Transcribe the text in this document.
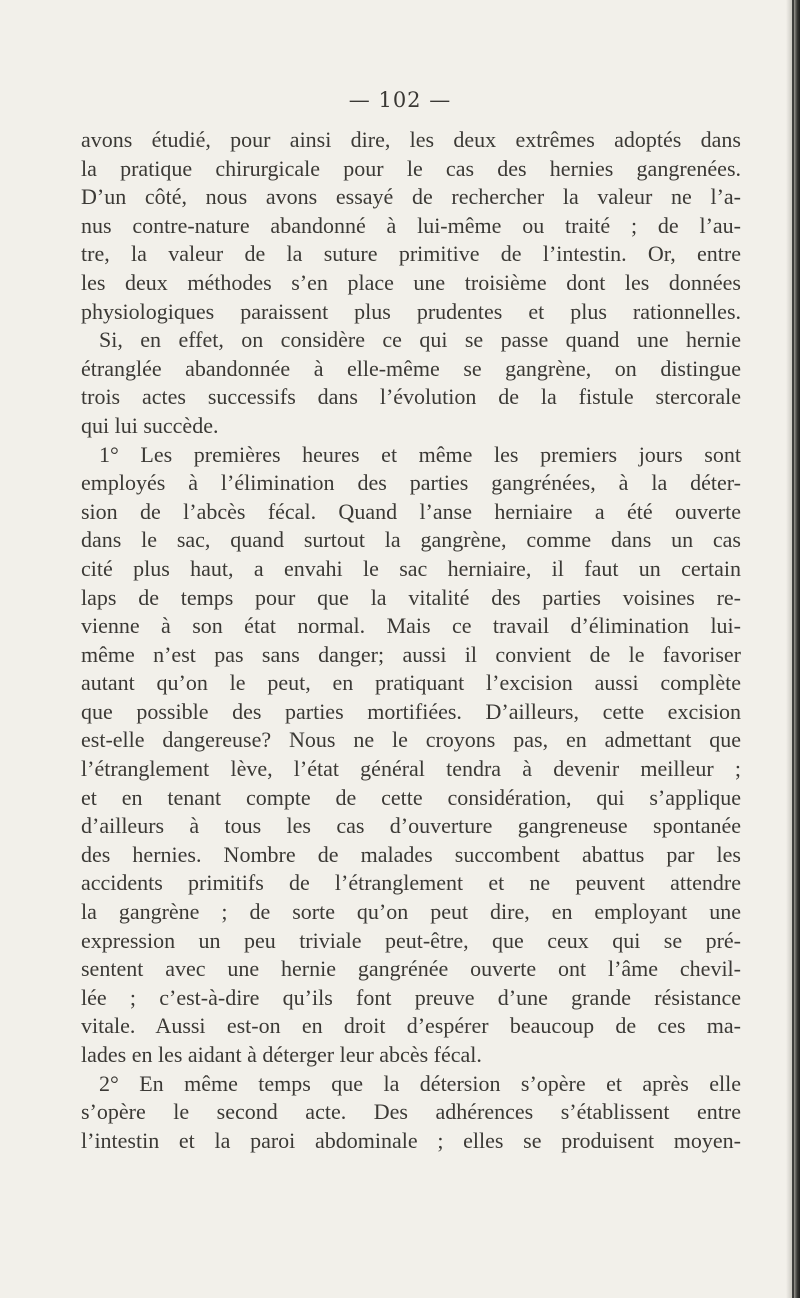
— 102 —
avons étudié, pour ainsi dire, les deux extrêmes adoptés dans
la pratique chirurgicale pour le cas des hernies gangrenées.
D’un côté, nous avons essayé de rechercher la valeur ne l’a-
nus contre-nature abandonné à lui-même ou traité ; de l’au-
tre, la valeur de la suture primitive de l’intestin. Or, entre
les deux méthodes s’en place une troisième dont les données
physiologiques paraissent plus prudentes et plus rationnelles.
Si, en effet, on considère ce qui se passe quand une hernie
étranglée abandonnée à elle-même se gangrène, on distingue
trois actes successifs dans l’évolution de la fistule stercorale
qui lui succède.
1° Les premières heures et même les premiers jours sont
employés à l’élimination des parties gangrénées, à la déter-
sion de l’abcès fécal. Quand l’anse herniaire a été ouverte
dans le sac, quand surtout la gangrène, comme dans un cas
cité plus haut, a envahi le sac herniaire, il faut un certain
laps de temps pour que la vitalité des parties voisines re-
vienne à son état normal. Mais ce travail d’élimination lui-
même n’est pas sans danger; aussi il convient de le favoriser
autant qu’on le peut, en pratiquant l’excision aussi complète
que possible des parties mortifiées. D’ailleurs, cette excision
est-elle dangereuse? Nous ne le croyons pas, en admettant que
l’étranglement lève, l’état général tendra à devenir meilleur ;
et en tenant compte de cette considération, qui s’applique
d’ailleurs à tous les cas d’ouverture gangreneuse spontanée
des hernies. Nombre de malades succombent abattus par les
accidents primitifs de l’étranglement et ne peuvent attendre
la gangrène ; de sorte qu’on peut dire, en employant une
expression un peu triviale peut-être, que ceux qui se pré-
sentent avec une hernie gangrénée ouverte ont l’âme chevil-
lée ; c’est-à-dire qu’ils font preuve d’une grande résistance
vitale. Aussi est-on en droit d’espérer beaucoup de ces ma-
lades en les aidant à déterger leur abcès fécal.
2° En même temps que la détersion s’opère et après elle
s’opère le second acte. Des adhérences s’établissent entre
l’intestin et la paroi abdominale ; elles se produisent moyen-
